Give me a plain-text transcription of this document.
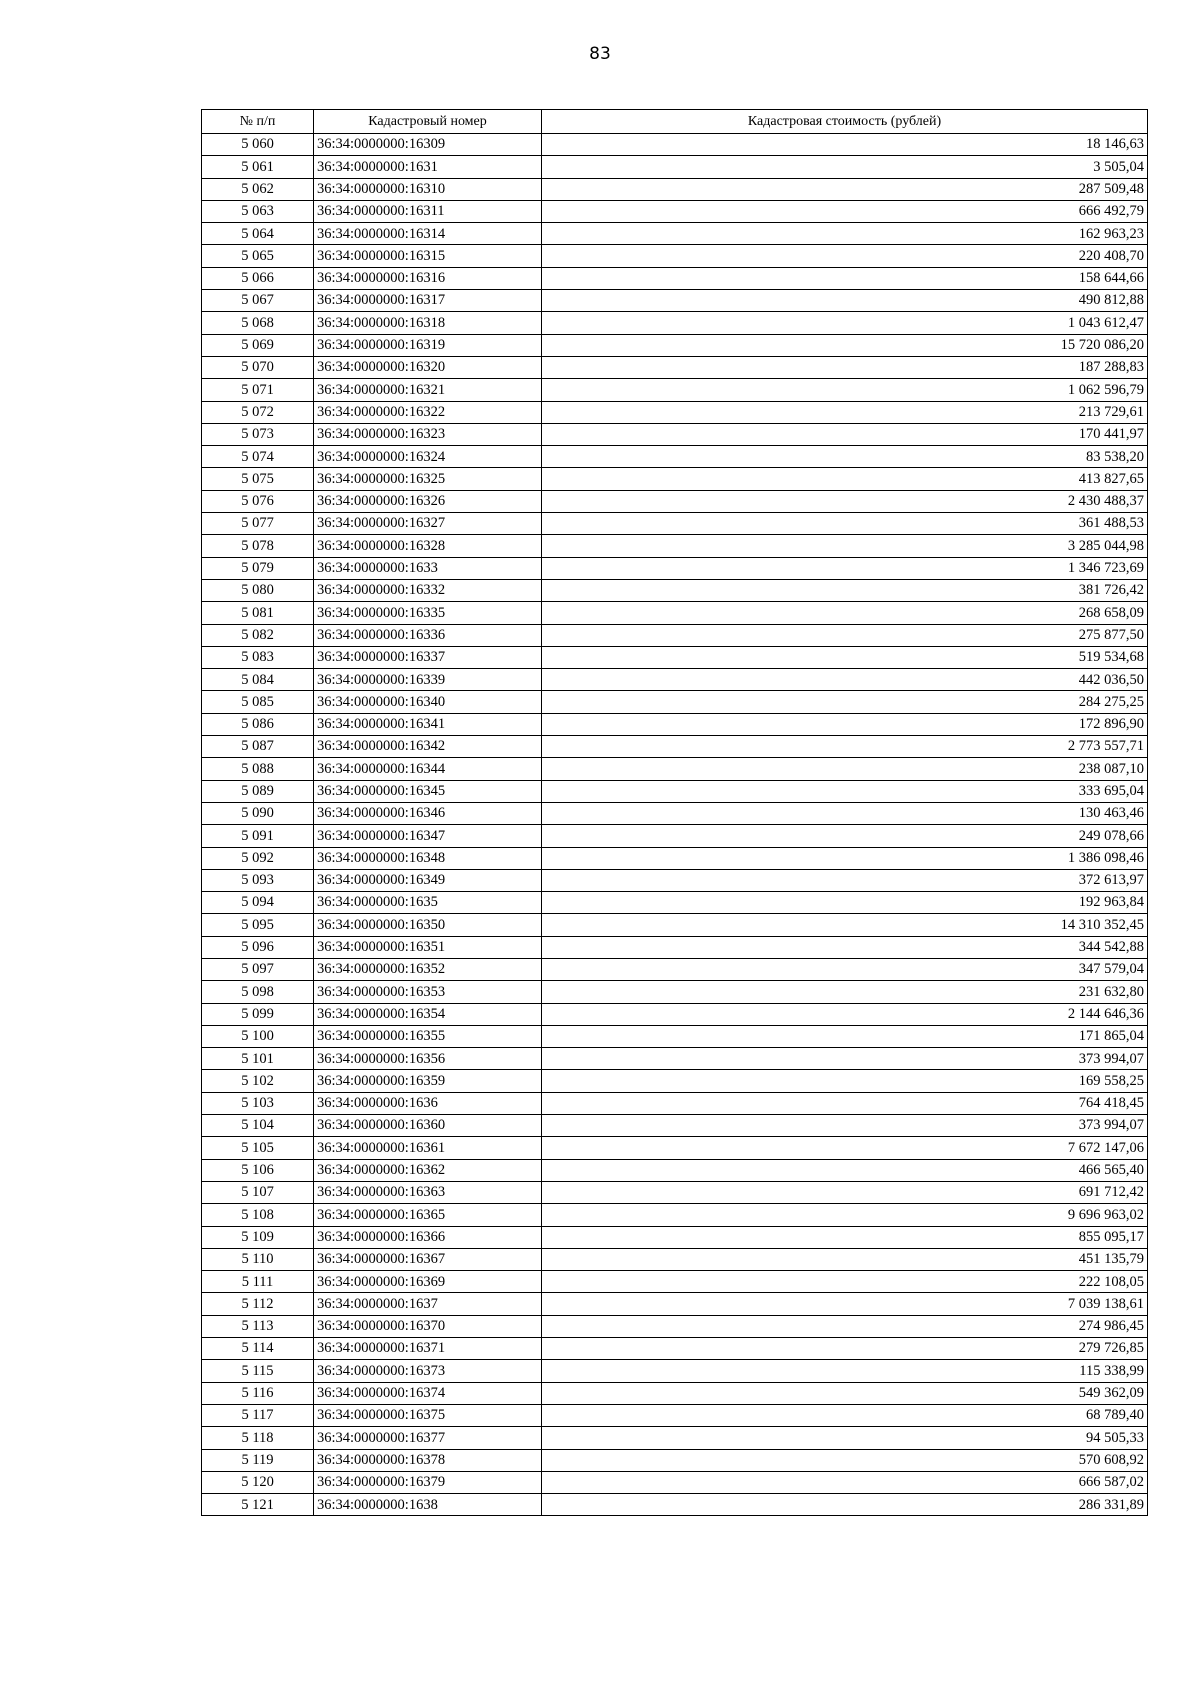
83
№ п/п	Кадастровый номер	Кадастровая стоимость (рублей)
5 060	36:34:0000000:16309	18 146,63
5 061	36:34:0000000:1631	3 505,04
5 062	36:34:0000000:16310	287 509,48
5 063	36:34:0000000:16311	666 492,79
5 064	36:34:0000000:16314	162 963,23
5 065	36:34:0000000:16315	220 408,70
5 066	36:34:0000000:16316	158 644,66
5 067	36:34:0000000:16317	490 812,88
5 068	36:34:0000000:16318	1 043 612,47
5 069	36:34:0000000:16319	15 720 086,20
5 070	36:34:0000000:16320	187 288,83
5 071	36:34:0000000:16321	1 062 596,79
5 072	36:34:0000000:16322	213 729,61
5 073	36:34:0000000:16323	170 441,97
5 074	36:34:0000000:16324	83 538,20
5 075	36:34:0000000:16325	413 827,65
5 076	36:34:0000000:16326	2 430 488,37
5 077	36:34:0000000:16327	361 488,53
5 078	36:34:0000000:16328	3 285 044,98
5 079	36:34:0000000:1633	1 346 723,69
5 080	36:34:0000000:16332	381 726,42
5 081	36:34:0000000:16335	268 658,09
5 082	36:34:0000000:16336	275 877,50
5 083	36:34:0000000:16337	519 534,68
5 084	36:34:0000000:16339	442 036,50
5 085	36:34:0000000:16340	284 275,25
5 086	36:34:0000000:16341	172 896,90
5 087	36:34:0000000:16342	2 773 557,71
5 088	36:34:0000000:16344	238 087,10
5 089	36:34:0000000:16345	333 695,04
5 090	36:34:0000000:16346	130 463,46
5 091	36:34:0000000:16347	249 078,66
5 092	36:34:0000000:16348	1 386 098,46
5 093	36:34:0000000:16349	372 613,97
5 094	36:34:0000000:1635	192 963,84
5 095	36:34:0000000:16350	14 310 352,45
5 096	36:34:0000000:16351	344 542,88
5 097	36:34:0000000:16352	347 579,04
5 098	36:34:0000000:16353	231 632,80
5 099	36:34:0000000:16354	2 144 646,36
5 100	36:34:0000000:16355	171 865,04
5 101	36:34:0000000:16356	373 994,07
5 102	36:34:0000000:16359	169 558,25
5 103	36:34:0000000:1636	764 418,45
5 104	36:34:0000000:16360	373 994,07
5 105	36:34:0000000:16361	7 672 147,06
5 106	36:34:0000000:16362	466 565,40
5 107	36:34:0000000:16363	691 712,42
5 108	36:34:0000000:16365	9 696 963,02
5 109	36:34:0000000:16366	855 095,17
5 110	36:34:0000000:16367	451 135,79
5 111	36:34:0000000:16369	222 108,05
5 112	36:34:0000000:1637	7 039 138,61
5 113	36:34:0000000:16370	274 986,45
5 114	36:34:0000000:16371	279 726,85
5 115	36:34:0000000:16373	115 338,99
5 116	36:34:0000000:16374	549 362,09
5 117	36:34:0000000:16375	68 789,40
5 118	36:34:0000000:16377	94 505,33
5 119	36:34:0000000:16378	570 608,92
5 120	36:34:0000000:16379	666 587,02
5 121	36:34:0000000:1638	286 331,89
